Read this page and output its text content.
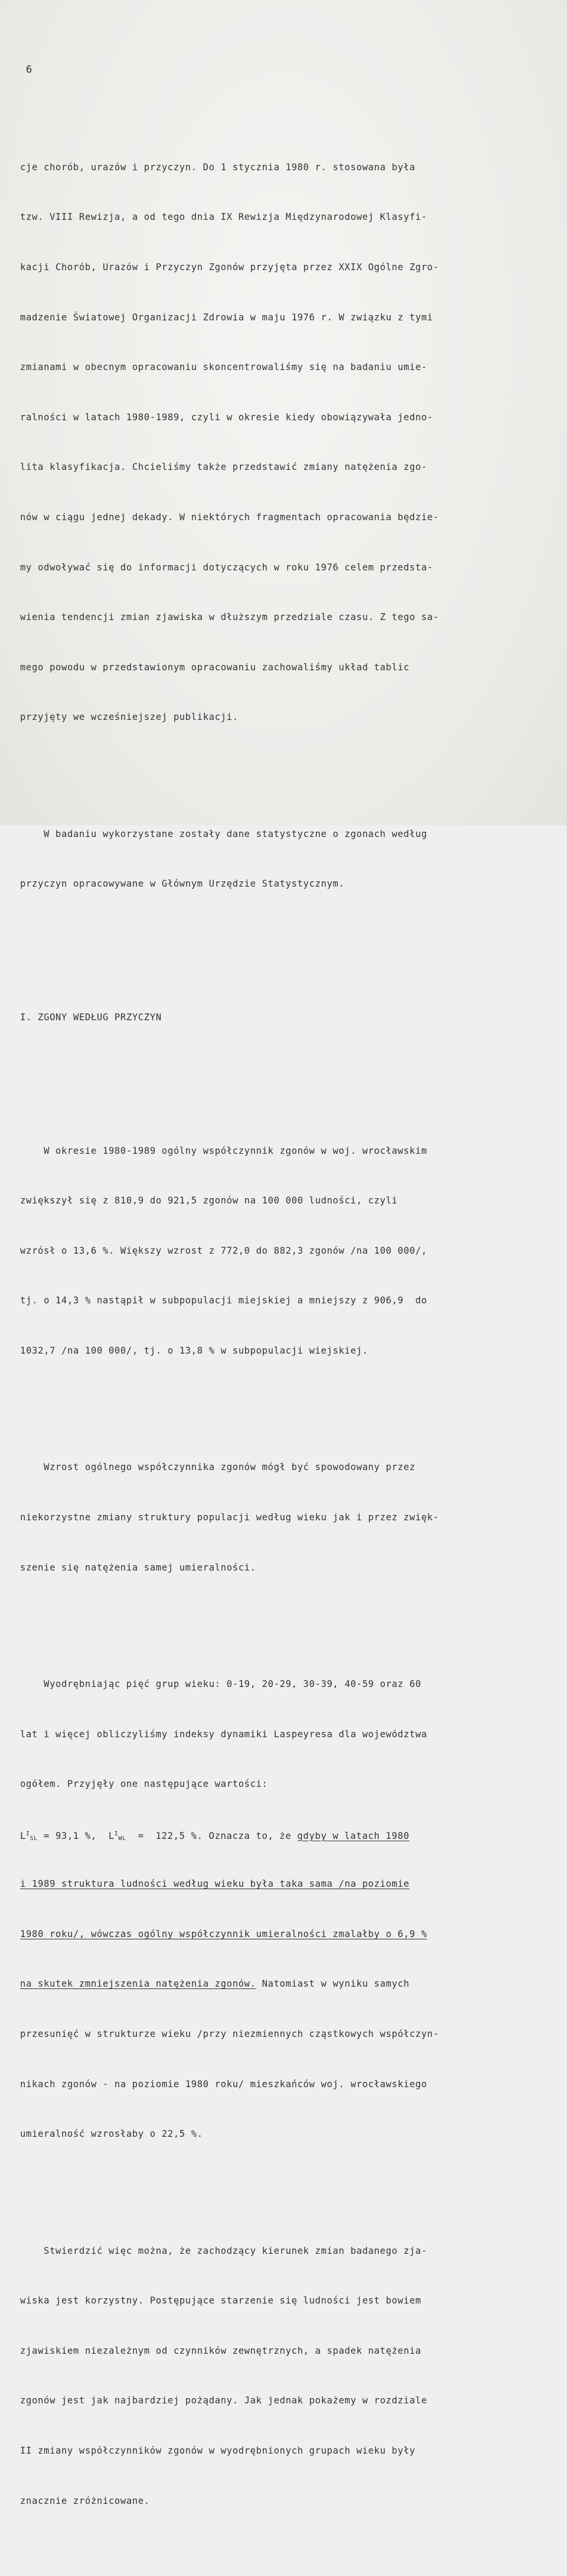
6

cje chorób, urazów i przyczyn. Do 1 stycznia 1980 r. stosowana była

tzw. VIII Rewizja, a od tego dnia IX Rewizja Międzynarodowej Klasyfi-

kacji Chorób, Urazów i Przyczyn Zgonów przyjęta przez XXIX Ogólne Zgro-

madzenie Światowej Organizacji Zdrowia w maju 1976 r. W związku z tymi

zmianami w obecnym opracowaniu skoncentrowaliśmy się na badaniu umie-

ralności w latach 1980-1989, czyli w okresie kiedy obowiązywała jedno-

lita klasyfikacja. Chcieliśmy także przedstawić zmiany natężenia zgo-

nów w ciągu jednej dekady. W niektórych fragmentach opracowania będzie-

my odwoływać się do informacji dotyczących w roku 1976 celem przedsta-

wienia tendencji zmian zjawiska w dłuższym przedziale czasu. Z tego sa-

mego powodu w przedstawionym opracowaniu zachowaliśmy układ tablic

przyjęty we wcześniejszej publikacji.

W badaniu wykorzystane zostały dane statystyczne o zgonach według

przyczyn opracowywane w Głównym Urzędzie Statystycznym.

I. ZGONY WEDŁUG PRZYCZYN

W okresie 1980-1989 ogólny współczynnik zgonów w woj. wrocławskim

zwiększył się z 810,9 do 921,5 zgonów na 100 000 ludności, czyli

wzrósł o 13,6 %. Większy wzrost z 772,0 do 882,3 zgonów /na 100 000/,

tj. o 14,3 % nastąpił w subpopulacji miejskiej a mniejszy z 906,9  do

1032,7 /na 100 000/, tj. o 13,8 % w subpopulacji wiejskiej.

Wzrost ogólnego współczynnika zgonów mógł być spowodowany przez

niekorzystne zmiany struktury populacji według wieku jak i przez zwięk-

szenie się natężenia samej umieralności.

Wyodrębniając pięć grup wieku: 0-19, 20-29, 30-39, 40-59 oraz 60

lat i więcej obliczyliśmy indeksy dynamiki Laspeyresa dla województwa

ogółem. Przyjęły one następujące wartości:

$L^I_{SL} = 93,1$ %,  $L^I_{WL} = 122,5$ %. Oznacza to, że gdyby w latach 1980

i 1989 struktura ludności według wieku była taka sama /na poziomie

1980 roku/, wówczas ogólny współczynnik umieralności zmalałby o 6,9 %

na skutek zmniejszenia natężenia zgonów. Natomiast w wyniku samych

przesunięć w strukturze wieku /przy niezmiennych cząstkowych współczyn-

nikach zgonów - na poziomie 1980 roku/ mieszkańców woj. wrocławskiego

umieralność wzrosłaby o 22,5 %.

Stwierdzić więc można, że zachodzący kierunek zmian badanego zja-

wiska jest korzystny. Postępujące starzenie się ludności jest bowiem

zjawiskiem niezależnym od czynników zewnętrznych, a spadek natężenia

zgonów jest jak najbardziej pożądany. Jak jednak pokażemy w rozdziale

II zmiany współczynników zgonów w wyodrębnionych grupach wieku były

znacznie zróżnicowane.
